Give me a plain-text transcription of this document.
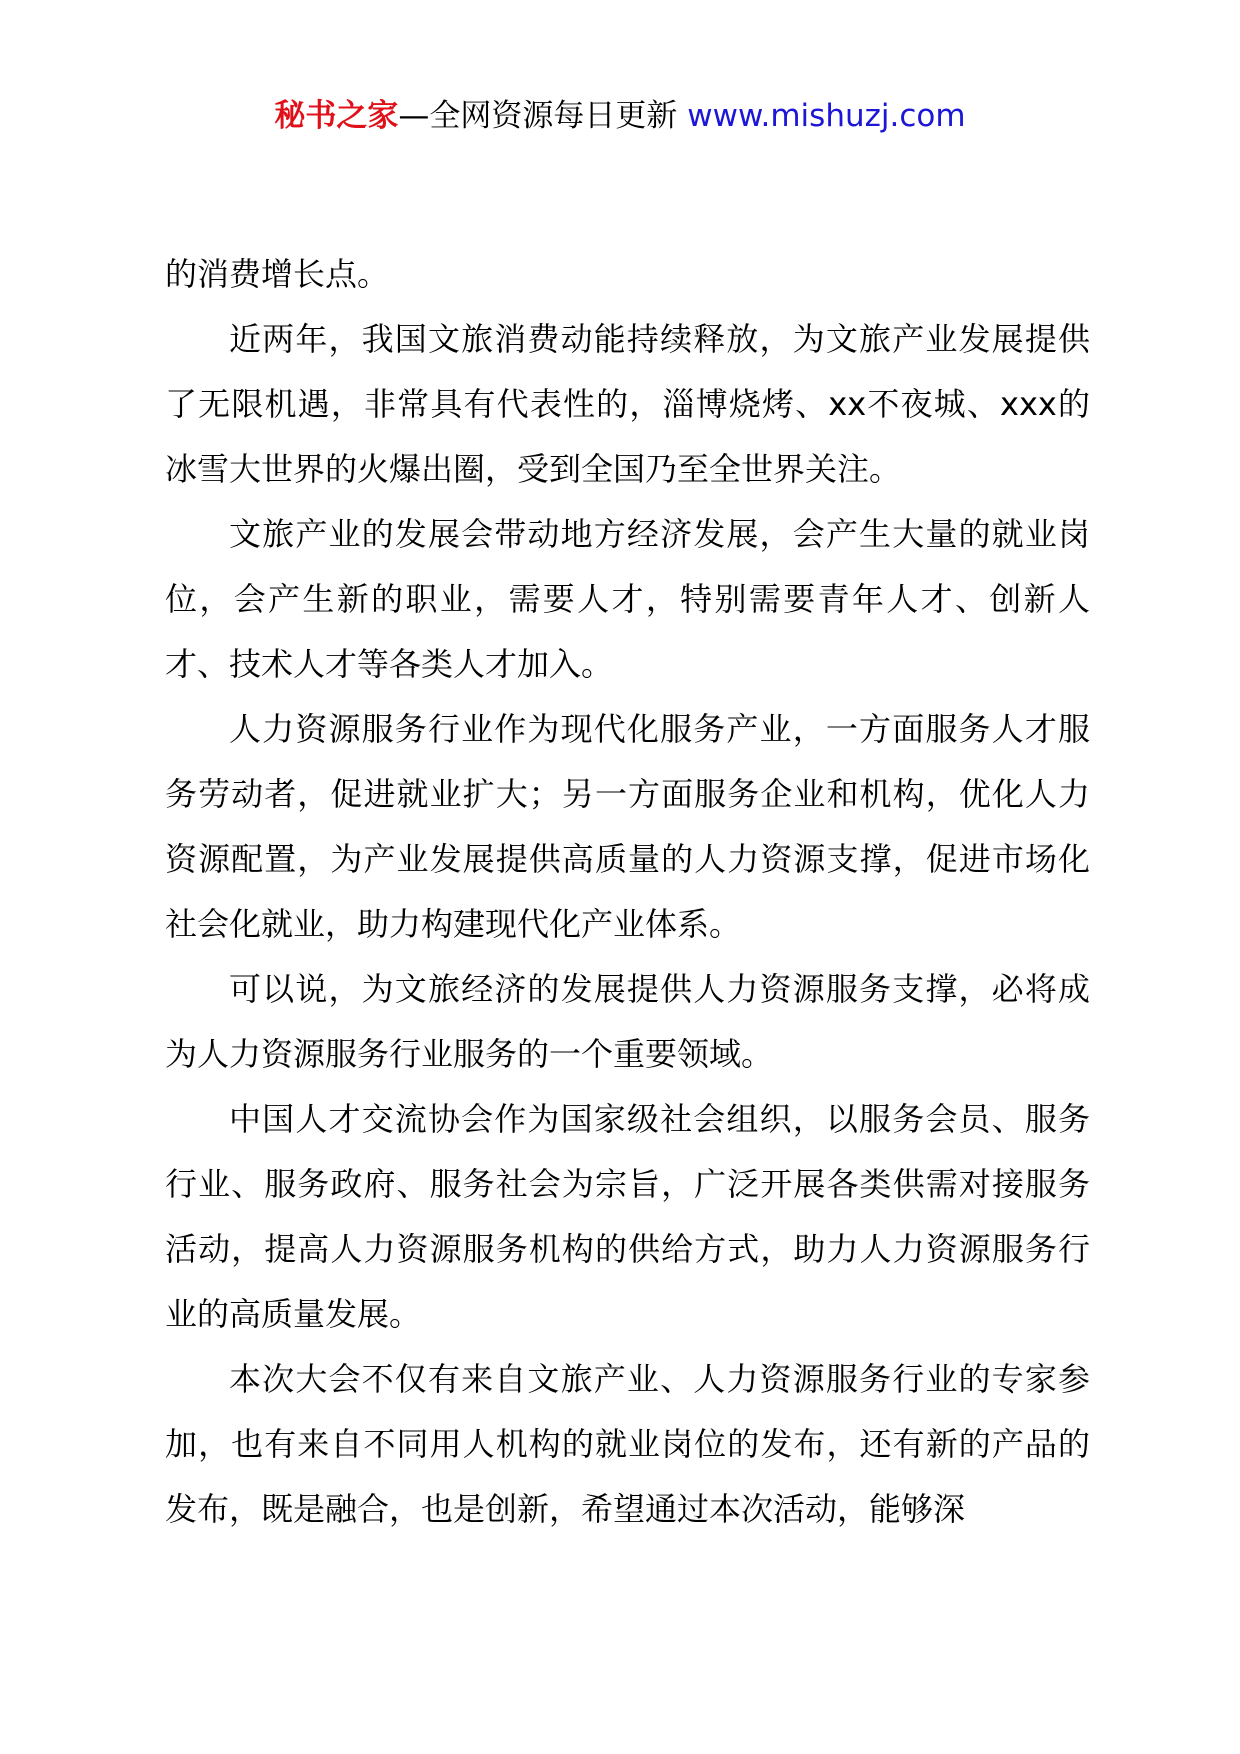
秘书之家—全网资源每日更新 www.mishuzj.com

的消费增长点。

近两年，我国文旅消费动能持续释放，为文旅产业发展提供了无限机遇，非常具有代表性的，淄博烧烤、xx不夜城、xxx的冰雪大世界的火爆出圈，受到全国乃至全世界关注。

文旅产业的发展会带动地方经济发展，会产生大量的就业岗位，会产生新的职业，需要人才，特别需要青年人才、创新人才、技术人才等各类人才加入。

人力资源服务行业作为现代化服务产业，一方面服务人才服务劳动者，促进就业扩大；另一方面服务企业和机构，优化人力资源配置，为产业发展提供高质量的人力资源支撑，促进市场化社会化就业，助力构建现代化产业体系。

可以说，为文旅经济的发展提供人力资源服务支撑，必将成为人力资源服务行业服务的一个重要领域。

中国人才交流协会作为国家级社会组织，以服务会员、服务行业、服务政府、服务社会为宗旨，广泛开展各类供需对接服务活动，提高人力资源服务机构的供给方式，助力人力资源服务行业的高质量发展。

本次大会不仅有来自文旅产业、人力资源服务行业的专家参加，也有来自不同用人机构的就业岗位的发布，还有新的产品的发布，既是融合，也是创新，希望通过本次活动，能够深
